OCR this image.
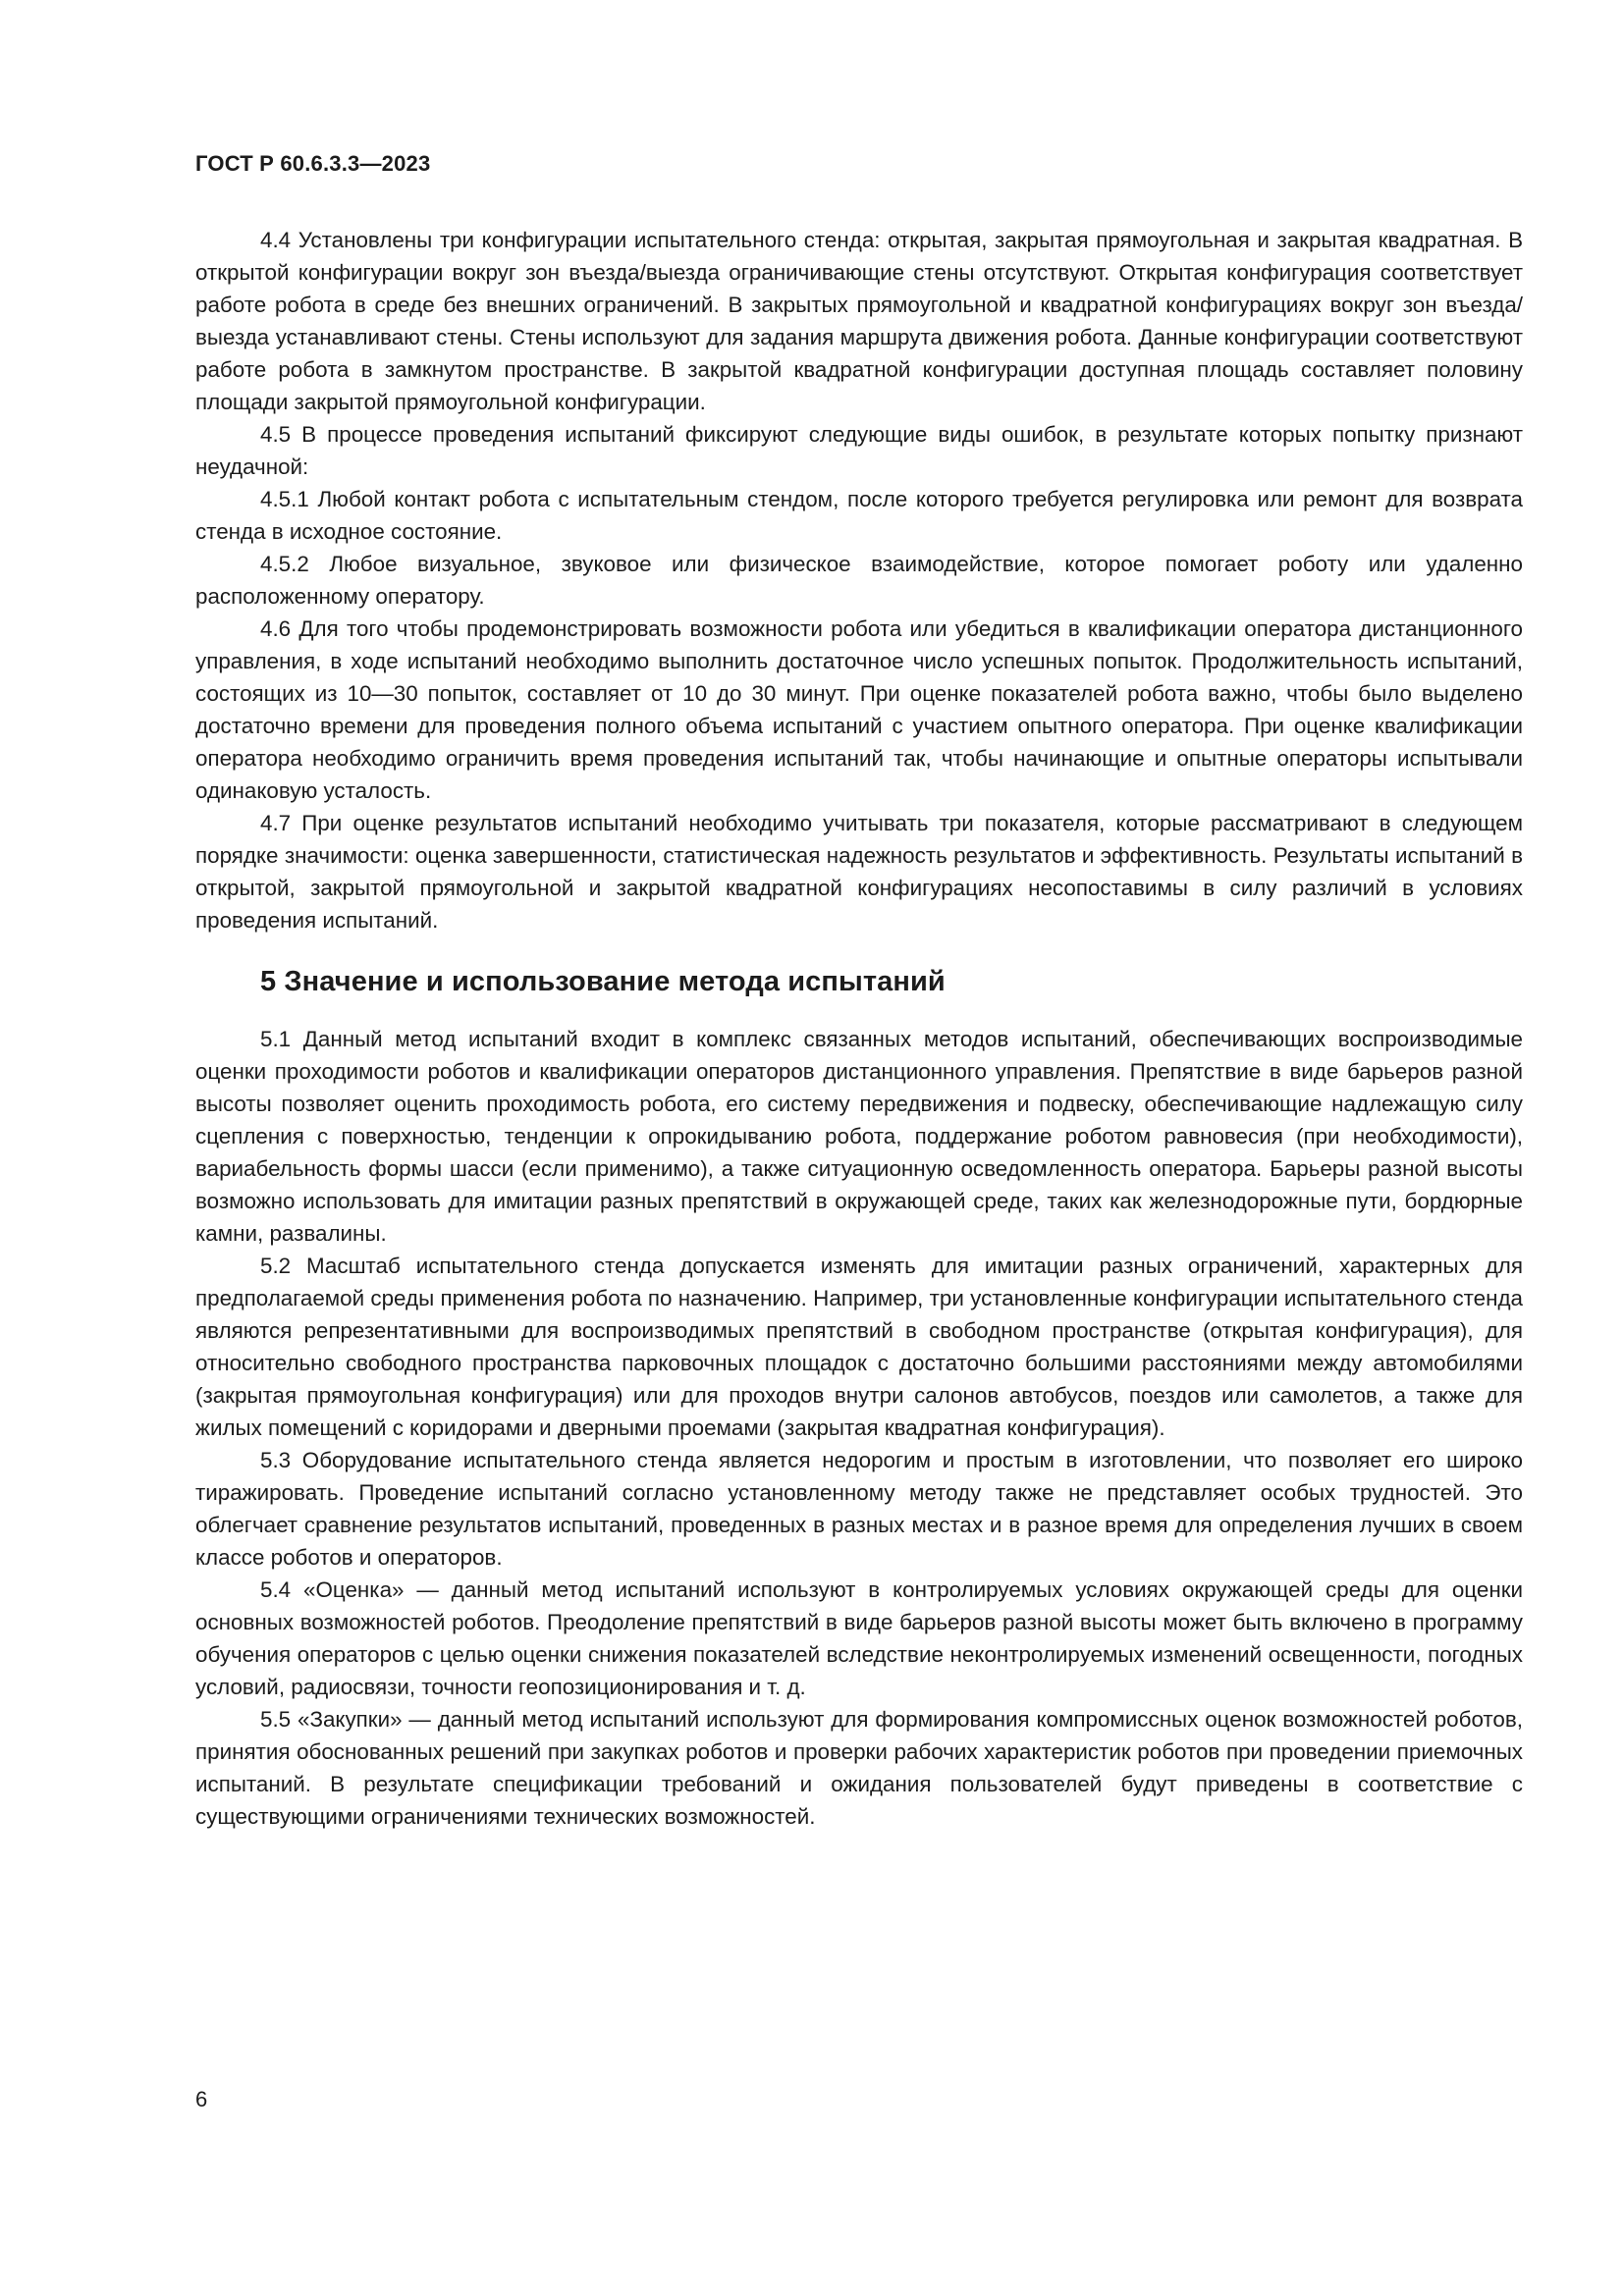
ГОСТ Р 60.6.3.3—2023

4.4 Установлены три конфигурации испытательного стенда: открытая, закрытая прямоугольная и закрытая квадратная. В открытой конфигурации вокруг зон въезда/выезда ограничивающие стены отсутствуют. Открытая конфигурация соответствует работе робота в среде без внешних ограничений. В закрытых прямоугольной и квадратной конфигурациях вокруг зон въезда/выезда устанавливают стены. Стены используют для задания маршрута движения робота. Данные конфигурации соответствуют работе робота в замкнутом пространстве. В закрытой квадратной конфигурации доступная площадь составляет половину площади закрытой прямоугольной конфигурации.

4.5 В процессе проведения испытаний фиксируют следующие виды ошибок, в результате которых попытку признают неудачной:

4.5.1 Любой контакт робота с испытательным стендом, после которого требуется регулировка или ремонт для возврата стенда в исходное состояние.

4.5.2 Любое визуальное, звуковое или физическое взаимодействие, которое помогает роботу или удаленно расположенному оператору.

4.6 Для того чтобы продемонстрировать возможности робота или убедиться в квалификации оператора дистанционного управления, в ходе испытаний необходимо выполнить достаточное число успешных попыток. Продолжительность испытаний, состоящих из 10—30 попыток, составляет от 10 до 30 минут. При оценке показателей робота важно, чтобы было выделено достаточно времени для проведения полного объема испытаний с участием опытного оператора. При оценке квалификации оператора необходимо ограничить время проведения испытаний так, чтобы начинающие и опытные операторы испытывали одинаковую усталость.

4.7 При оценке результатов испытаний необходимо учитывать три показателя, которые рассматривают в следующем порядке значимости: оценка завершенности, статистическая надежность результатов и эффективность. Результаты испытаний в открытой, закрытой прямоугольной и закрытой квадратной конфигурациях несопоставимы в силу различий в условиях проведения испытаний.

5 Значение и использование метода испытаний

5.1 Данный метод испытаний входит в комплекс связанных методов испытаний, обеспечивающих воспроизводимые оценки проходимости роботов и квалификации операторов дистанционного управления. Препятствие в виде барьеров разной высоты позволяет оценить проходимость робота, его систему передвижения и подвеску, обеспечивающие надлежащую силу сцепления с поверхностью, тенденции к опрокидыванию робота, поддержание роботом равновесия (при необходимости), вариабельность формы шасси (если применимо), а также ситуационную осведомленность оператора. Барьеры разной высоты возможно использовать для имитации разных препятствий в окружающей среде, таких как железнодорожные пути, бордюрные камни, развалины.

5.2 Масштаб испытательного стенда допускается изменять для имитации разных ограничений, характерных для предполагаемой среды применения робота по назначению. Например, три установленные конфигурации испытательного стенда являются репрезентативными для воспроизводимых препятствий в свободном пространстве (открытая конфигурация), для относительно свободного пространства парковочных площадок с достаточно большими расстояниями между автомобилями (закрытая прямоугольная конфигурация) или для проходов внутри салонов автобусов, поездов или самолетов, а также для жилых помещений с коридорами и дверными проемами (закрытая квадратная конфигурация).

5.3 Оборудование испытательного стенда является недорогим и простым в изготовлении, что позволяет его широко тиражировать. Проведение испытаний согласно установленному методу также не представляет особых трудностей. Это облегчает сравнение результатов испытаний, проведенных в разных местах и в разное время для определения лучших в своем классе роботов и операторов.

5.4 «Оценка» — данный метод испытаний используют в контролируемых условиях окружающей среды для оценки основных возможностей роботов. Преодоление препятствий в виде барьеров разной высоты может быть включено в программу обучения операторов с целью оценки снижения показателей вследствие неконтролируемых изменений освещенности, погодных условий, радиосвязи, точности геопозиционирования и т. д.

5.5 «Закупки» — данный метод испытаний используют для формирования компромиссных оценок возможностей роботов, принятия обоснованных решений при закупках роботов и проверки рабочих характеристик роботов при проведении приемочных испытаний. В результате спецификации требований и ожидания пользователей будут приведены в соответствие с существующими ограничениями технических возможностей.

6
